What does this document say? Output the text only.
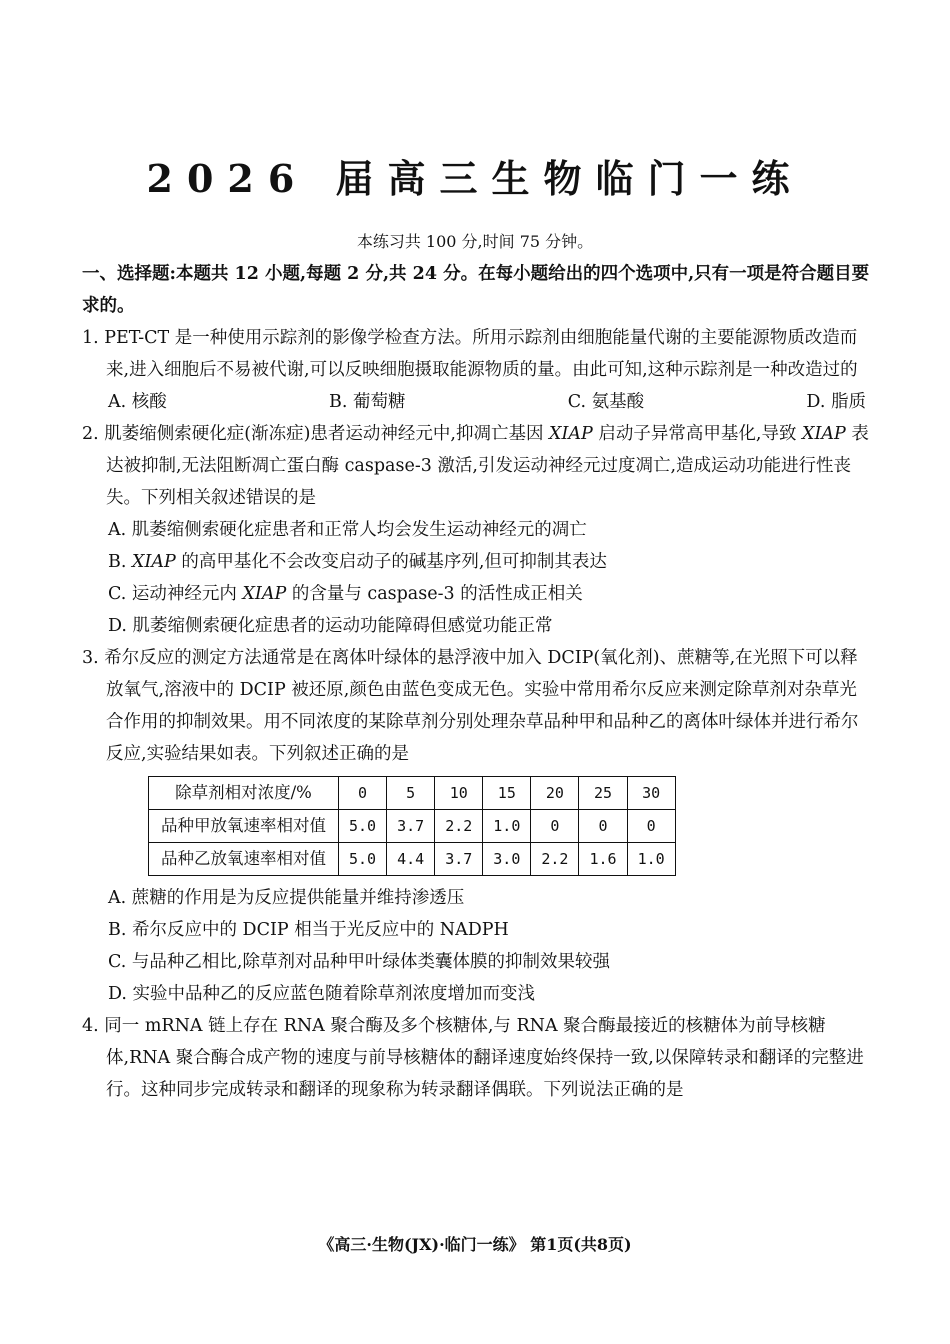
2026 届高三生物临门一练
本练习共 100 分,时间 75 分钟。
一、选择题:本题共 12 小题,每题 2 分,共 24 分。在每小题给出的四个选项中,只有一项是符合题目要求的。
1. PET-CT 是一种使用示踪剂的影像学检查方法。所用示踪剂由细胞能量代谢的主要能源物质改造而来,进入细胞后不易被代谢,可以反映细胞摄取能源物质的量。由此可知,这种示踪剂是一种改造过的
A. 核酸	B. 葡萄糖	C. 氨基酸	D. 脂质
2. 肌萎缩侧索硬化症(渐冻症)患者运动神经元中,抑凋亡基因 XIAP 启动子异常高甲基化,导致 XIAP 表达被抑制,无法阻断凋亡蛋白酶 caspase-3 激活,引发运动神经元过度凋亡,造成运动功能进行性丧失。下列相关叙述错误的是
A. 肌萎缩侧索硬化症患者和正常人均会发生运动神经元的凋亡
B. XIAP 的高甲基化不会改变启动子的碱基序列,但可抑制其表达
C. 运动神经元内 XIAP 的含量与 caspase-3 的活性成正相关
D. 肌萎缩侧索硬化症患者的运动功能障碍但感觉功能正常
3. 希尔反应的测定方法通常是在离体叶绿体的悬浮液中加入 DCIP(氧化剂)、蔗糖等,在光照下可以释放氧气,溶液中的 DCIP 被还原,颜色由蓝色变成无色。实验中常用希尔反应来测定除草剂对杂草光合作用的抑制效果。用不同浓度的某除草剂分别处理杂草品种甲和品种乙的离体叶绿体并进行希尔反应,实验结果如表。下列叙述正确的是
除草剂相对浓度/%	0	5	10	15	20	25	30
品种甲放氧速率相对值	5.0	3.7	2.2	1.0	0	0	0
品种乙放氧速率相对值	5.0	4.4	3.7	3.0	2.2	1.6	1.0
A. 蔗糖的作用是为反应提供能量并维持渗透压
B. 希尔反应中的 DCIP 相当于光反应中的 NADPH
C. 与品种乙相比,除草剂对品种甲叶绿体类囊体膜的抑制效果较强
D. 实验中品种乙的反应蓝色随着除草剂浓度增加而变浅
4. 同一 mRNA 链上存在 RNA 聚合酶及多个核糖体,与 RNA 聚合酶最接近的核糖体为前导核糖体,RNA 聚合酶合成产物的速度与前导核糖体的翻译速度始终保持一致,以保障转录和翻译的完整进行。这种同步完成转录和翻译的现象称为转录翻译偶联。下列说法正确的是
《高三·生物(JX)·临门一练》 第1页(共8页)
